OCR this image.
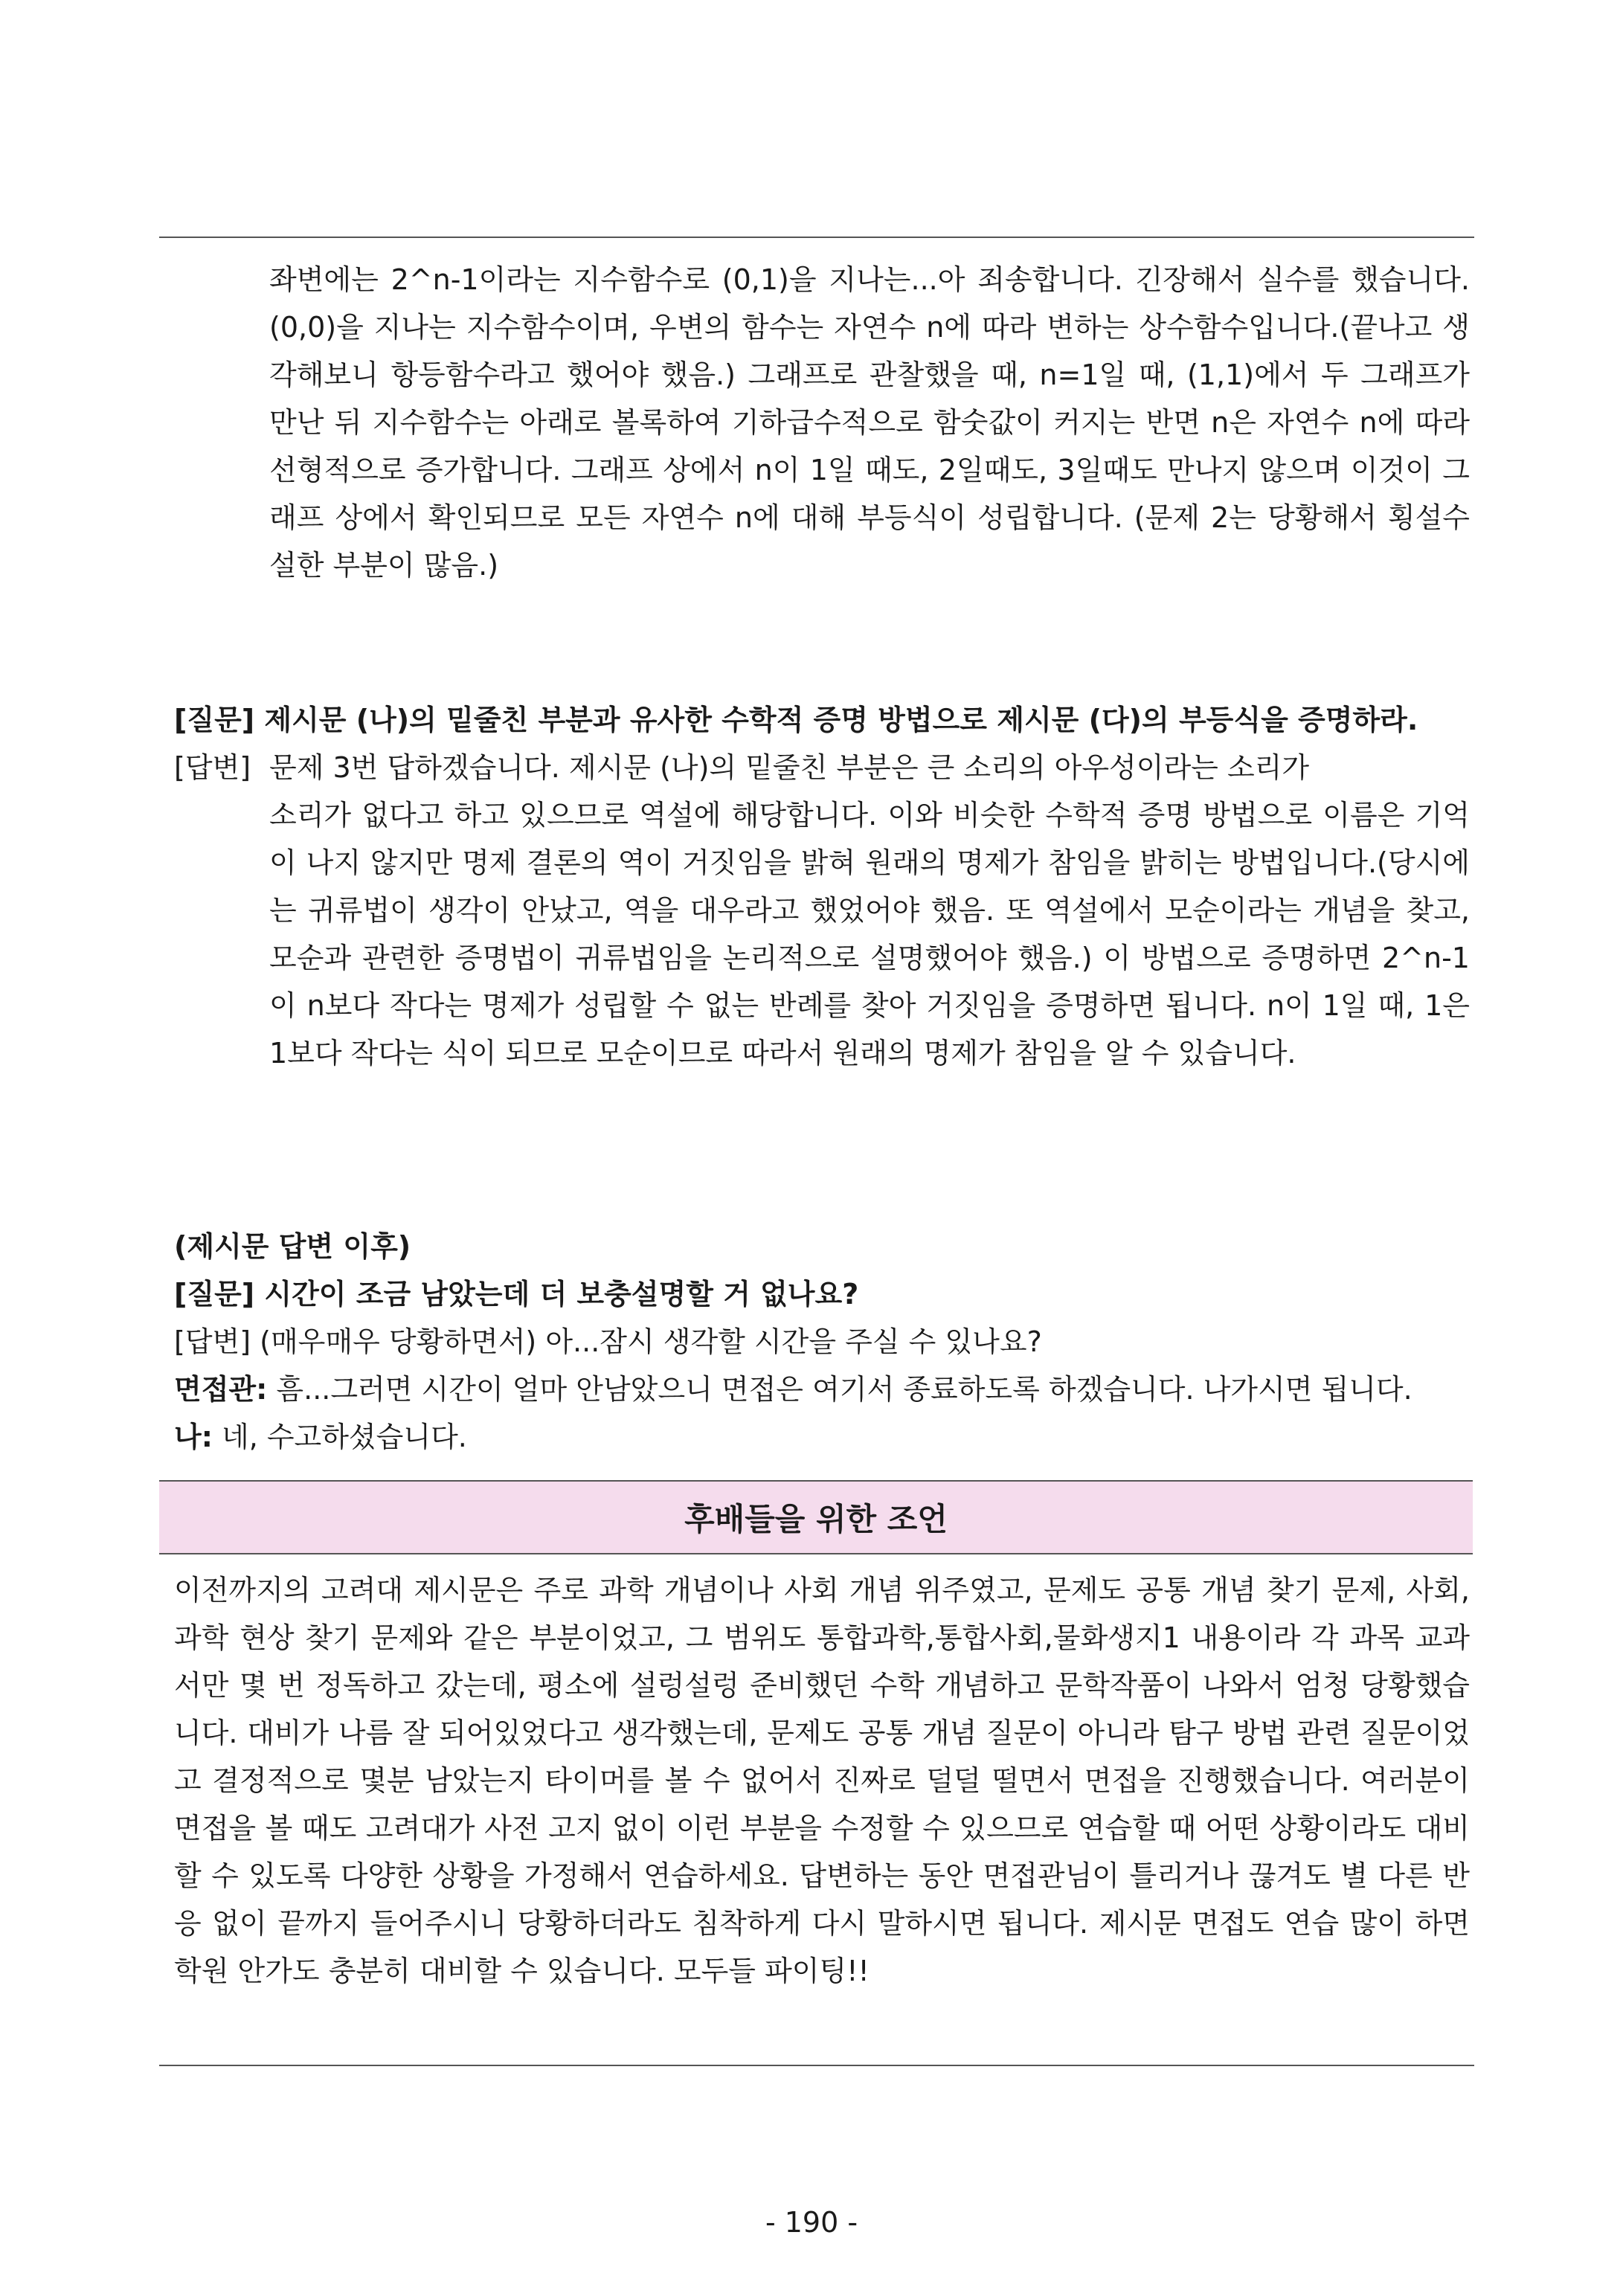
좌변에는 2^n-1이라는 지수함수로 (0,1)을 지나는...아 죄송합니다. 긴장해서 실수를 했습니다. (0,0)을 지나는 지수함수이며, 우변의 함수는 자연수 n에 따라 변하는 상수함수입니다.(끝나고 생각해보니 항등함수라고 했어야 했음.) 그래프로 관찰했을 때, n=1일 때, (1,1)에서 두 그래프가 만난 뒤 지수함수는 아래로 볼록하여 기하급수적으로 함숫값이 커지는 반면 n은 자연수 n에 따라 선형적으로 증가합니다. 그래프 상에서 n이 1일 때도, 2일때도, 3일때도 만나지 않으며 이것이 그래프 상에서 확인되므로 모든 자연수 n에 대해 부등식이 성립합니다. (문제 2는 당황해서 횡설수설한 부분이 많음.)

[질문] 제시문 (나)의 밑줄친 부분과 유사한 수학적 증명 방법으로 제시문 (다)의 부등식을 증명하라.

[답변] 문제 3번 답하겠습니다. 제시문 (나)의 밑줄친 부분은 큰 소리의 아우성이라는 소리가

소리가 없다고 하고 있으므로 역설에 해당합니다. 이와 비슷한 수학적 증명 방법으로 이름은 기억이 나지 않지만 명제 결론의 역이 거짓임을 밝혀 원래의 명제가 참임을 밝히는 방법입니다.(당시에는 귀류법이 생각이 안났고, 역을 대우라고 했었어야 했음. 또 역설에서 모순이라는 개념을 찾고, 모순과 관련한 증명법이 귀류법임을 논리적으로 설명했어야 했음.) 이 방법으로 증명하면 2^n-1이 n보다 작다는 명제가 성립할 수 없는 반례를 찾아 거짓임을 증명하면 됩니다. n이 1일 때, 1은 1보다 작다는 식이 되므로 모순이므로 따라서 원래의 명제가 참임을 알 수 있습니다.

(제시문 답변 이후)

[질문] 시간이 조금 남았는데 더 보충설명할 거 없나요?

[답변] (매우매우 당황하면서) 아...잠시 생각할 시간을 주실 수 있나요?

면접관: 흠...그러면 시간이 얼마 안남았으니 면접은 여기서 종료하도록 하겠습니다. 나가시면 됩니다.

나: 네, 수고하셨습니다.

후배들을 위한 조언

이전까지의 고려대 제시문은 주로 과학 개념이나 사회 개념 위주였고, 문제도 공통 개념 찾기 문제, 사회,과학 현상 찾기 문제와 같은 부분이었고, 그 범위도 통합과학,통합사회,물화생지1 내용이라 각 과목 교과서만 몇 번 정독하고 갔는데, 평소에 설렁설렁 준비했던 수학 개념하고 문학작품이 나와서 엄청 당황했습니다. 대비가 나름 잘 되어있었다고 생각했는데, 문제도 공통 개념 질문이 아니라 탐구 방법 관련 질문이었고 결정적으로 몇분 남았는지 타이머를 볼 수 없어서 진짜로 덜덜 떨면서 면접을 진행했습니다. 여러분이 면접을 볼 때도 고려대가 사전 고지 없이 이런 부분을 수정할 수 있으므로 연습할 때 어떤 상황이라도 대비할 수 있도록 다양한 상황을 가정해서 연습하세요. 답변하는 동안 면접관님이 틀리거나 끊겨도 별 다른 반응 없이 끝까지 들어주시니 당황하더라도 침착하게 다시 말하시면 됩니다. 제시문 면접도 연습 많이 하면 학원 안가도 충분히 대비할 수 있습니다. 모두들 파이팅!!

- 190 -
